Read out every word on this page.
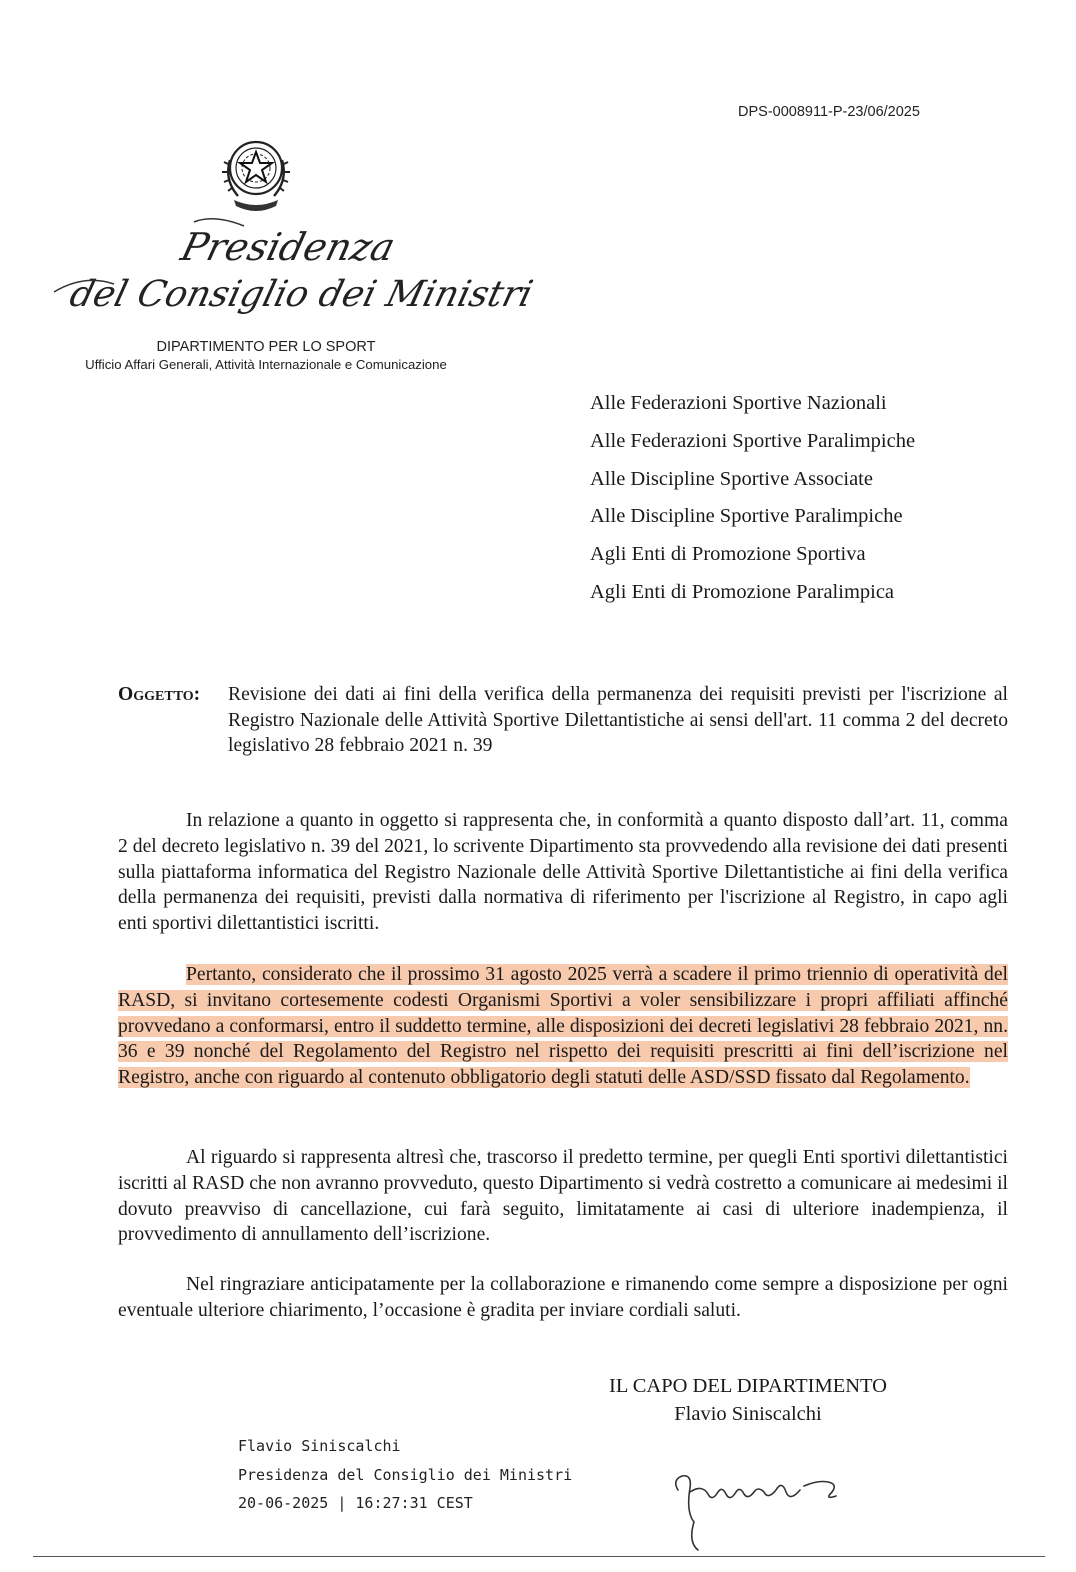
DPS-0008911-P-23/06/2025
Presidenza
del Consiglio dei Ministri
DIPARTIMENTO PER LO SPORT
Ufficio Affari Generali, Attività Internazionale e Comunicazione
Alle Federazioni Sportive Nazionali
Alle Federazioni Sportive Paralimpiche
Alle Discipline Sportive Associate
Alle Discipline Sportive Paralimpiche
Agli Enti di Promozione Sportiva
Agli Enti di Promozione Paralimpica
Oggetto: Revisione dei dati ai fini della verifica della permanenza dei requisiti previsti per l'iscrizione al Registro Nazionale delle Attività Sportive Dilettantistiche ai sensi dell'art. 11 comma 2 del decreto legislativo 28 febbraio 2021 n. 39

In relazione a quanto in oggetto si rappresenta che, in conformità a quanto disposto dall’art. 11, comma 2 del decreto legislativo n. 39 del 2021, lo scrivente Dipartimento sta provvedendo alla revisione dei dati presenti sulla piattaforma informatica del Registro Nazionale delle Attività Sportive Dilettantistiche ai fini della verifica della permanenza dei requisiti, previsti dalla normativa di riferimento per l'iscrizione al Registro, in capo agli enti sportivi dilettantistici iscritti.

Pertanto, considerato che il prossimo 31 agosto 2025 verrà a scadere il primo triennio di operatività del RASD, si invitano cortesemente codesti Organismi Sportivi a voler sensibilizzare i propri affiliati affinché provvedano a conformarsi, entro il suddetto termine, alle disposizioni dei decreti legislativi 28 febbraio 2021, nn. 36 e 39 nonché del Regolamento del Registro nel rispetto dei requisiti prescritti ai fini dell’iscrizione nel Registro, anche con riguardo al contenuto obbligatorio degli statuti delle ASD/SSD fissato dal Regolamento.

Al riguardo si rappresenta altresì che, trascorso il predetto termine, per quegli Enti sportivi dilettantistici iscritti al RASD che non avranno provveduto, questo Dipartimento si vedrà costretto a comunicare ai medesimi il dovuto preavviso di cancellazione, cui farà seguito, limitatamente ai casi di ulteriore inadempienza, il provvedimento di annullamento dell’iscrizione.

Nel ringraziare anticipatamente per la collaborazione e rimanendo come sempre a disposizione per ogni eventuale ulteriore chiarimento, l’occasione è gradita per inviare cordiali saluti.

IL CAPO DEL DIPARTIMENTO
Flavio Siniscalchi
Flavio Siniscalchi
Presidenza del Consiglio dei Ministri
20-06-2025 | 16:27:31 CEST
